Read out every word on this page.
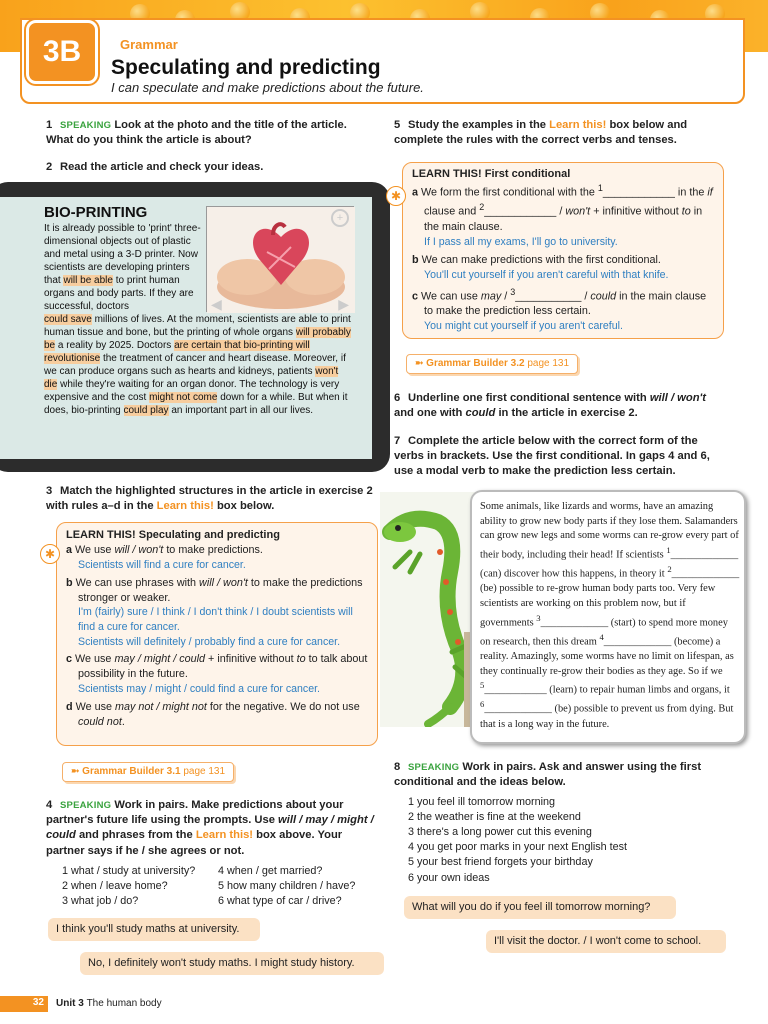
3B	Grammar
Speculating and predicting
I can speculate and make predictions about the future.
1 SPEAKING Look at the photo and the title of the article. What do you think the article is about?
2 Read the article and check your ideas.
+
◀	▶
BIO-PRINTING
It is already possible to 'print' three-dimensional objects out of plastic and metal using a 3-D printer. Now scientists are developing printers that will be able to print human organs and body parts. If they are successful, doctors
could save millions of lives. At the moment, scientists are able to print human tissue and bone, but the printing of whole organs will probably be a reality by 2025. Doctors are certain that bio-printing will revolutionise the treatment of cancer and heart disease. Moreover, if we can produce organs such as hearts and kidneys, patients won't die while they're waiting for an organ donor. The technology is very expensive and the cost might not come down for a while. But when it does, bio-printing could play an important part in all our lives.
3 Match the highlighted structures in the article in exercise 2 with rules a–d in the Learn this! box below.
✱
LEARN THIS! Speculating and predicting
a We use will / won't to make predictions.
Scientists will find a cure for cancer.
b We can use phrases with will / won't to make the predictions stronger or weaker.
I'm (fairly) sure / I think / I don't think / I doubt scientists will find a cure for cancer.
Scientists will definitely / probably find a cure for cancer.
c We use may / might / could + infinitive without to to talk about possibility in the future.
Scientists may / might / could find a cure for cancer.
d We use may not / might not for the negative. We do not use could not.
➼ Grammar Builder 3.1 page 131
4 SPEAKING Work in pairs. Make predictions about your partner's future life using the prompts. Use will / may / might / could and phrases from the Learn this! box above. Your partner says if he / she agrees or not.
1 what / study at university?	4 when / get married?
2 when / leave home?	5 how many children / have?
3 what job / do?	6 what type of car / drive?
I think you'll study maths at university.
No, I definitely won't study maths. I might study history.
5 Study the examples in the Learn this! box below and complete the rules with the correct verbs and tenses.
✱
LEARN THIS! First conditional
a We form the first conditional with the $^1$____________ in the if clause and $^2$____________ / won't + infinitive without to in the main clause.
If I pass all my exams, I'll go to university.
b We can make predictions with the first conditional.
You'll cut yourself if you aren't careful with that knife.
c We can use may / $^3$___________ / could in the main clause to make the prediction less certain.
You might cut yourself if you aren't careful.
➼ Grammar Builder 3.2 page 131
6 Underline one first conditional sentence with will / won't and one with could in the article in exercise 2.
7 Complete the article below with the correct form of the verbs in brackets. Use the first conditional. In gaps 4 and 6, use a modal verb to make the prediction less certain.
Some animals, like lizards and worms, have an amazing ability to grow new body parts if they lose them. Salamanders can grow new legs and some worms can re-grow every part of their body, including their head! If scientists $^1$_____________ (can) discover how this happens, in theory it $^2$_____________ (be) possible to re-grow human body parts too. Very few scientists are working on this problem now, but if governments $^3$_____________ (start) to spend more money on research, then this dream $^4$_____________ (become) a reality. Amazingly, some worms have no limit on lifespan, as they continually re-grow their bodies as they age. So if we $^5$____________ (learn) to repair human limbs and organs, it $^6$_____________ (be) possible to prevent us from dying. But that is a long way in the future.
8 SPEAKING Work in pairs. Ask and answer using the first conditional and the ideas below.
1 you feel ill tomorrow morning
2 the weather is fine at the weekend
3 there's a long power cut this evening
4 you get poor marks in your next English test
5 your best friend forgets your birthday
6 your own ideas
What will you do if you feel ill tomorrow morning?
I'll visit the doctor. / I won't come to school.
32	Unit 3 The human body
